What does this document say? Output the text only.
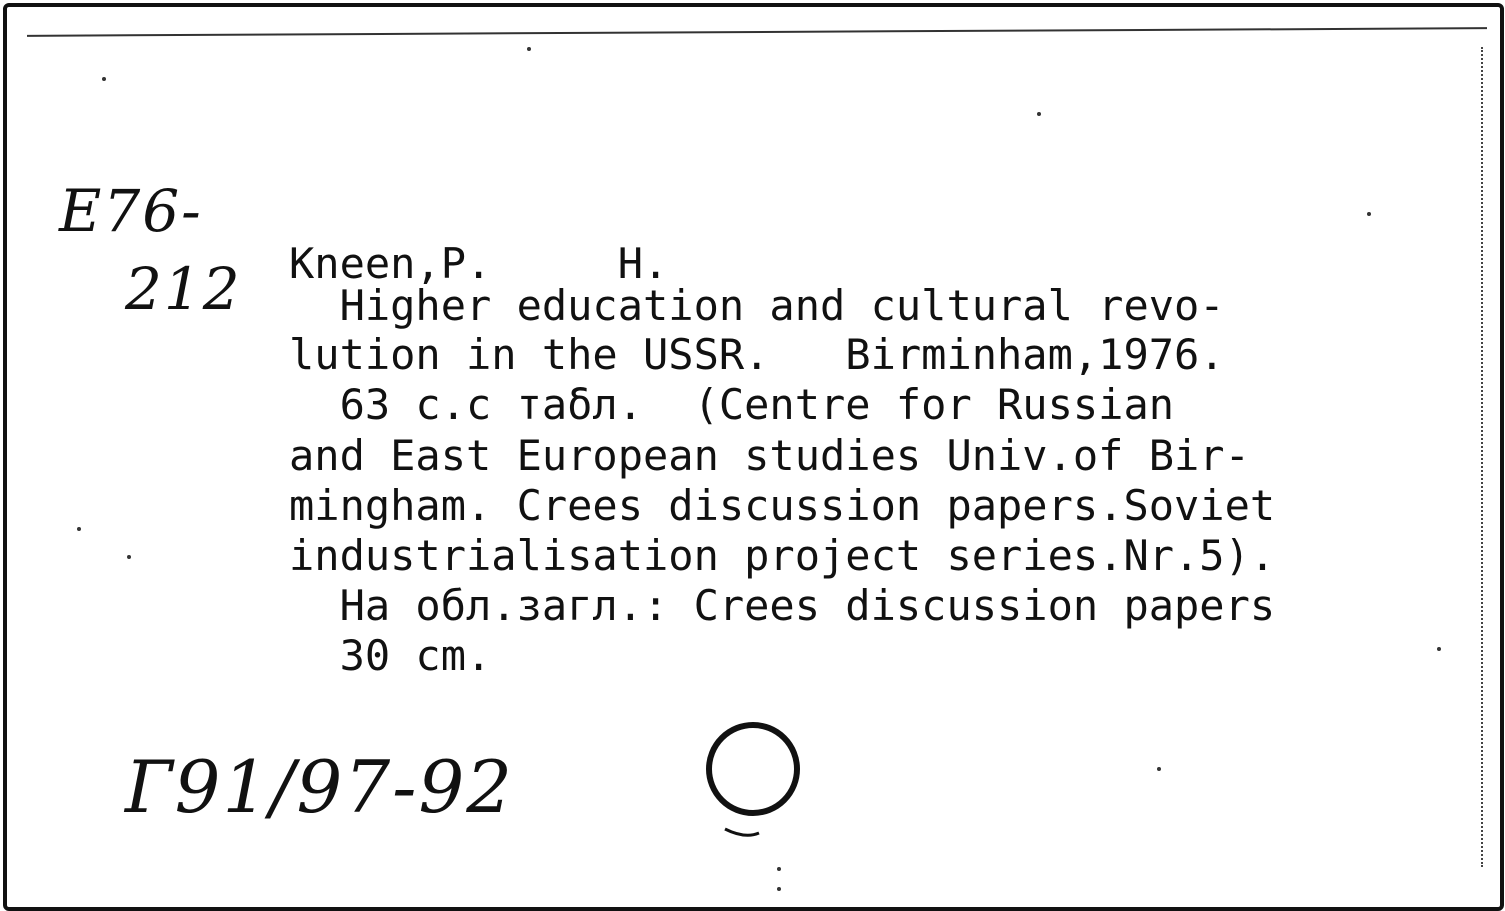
E76-
212 Kneen,P.     H.
Higher education and cultural revo-
lution in the USSR.   Birminham,1976.
63 c.c таδл.  (Centre for Russian
and East European studies Univ.of Bir-
mingham. Crees discussion papers.Soviet
industrialisation project series.Nr.5).
Ha обл.загл.: Crees discussion papers
30 cm.
Г91/97-92
